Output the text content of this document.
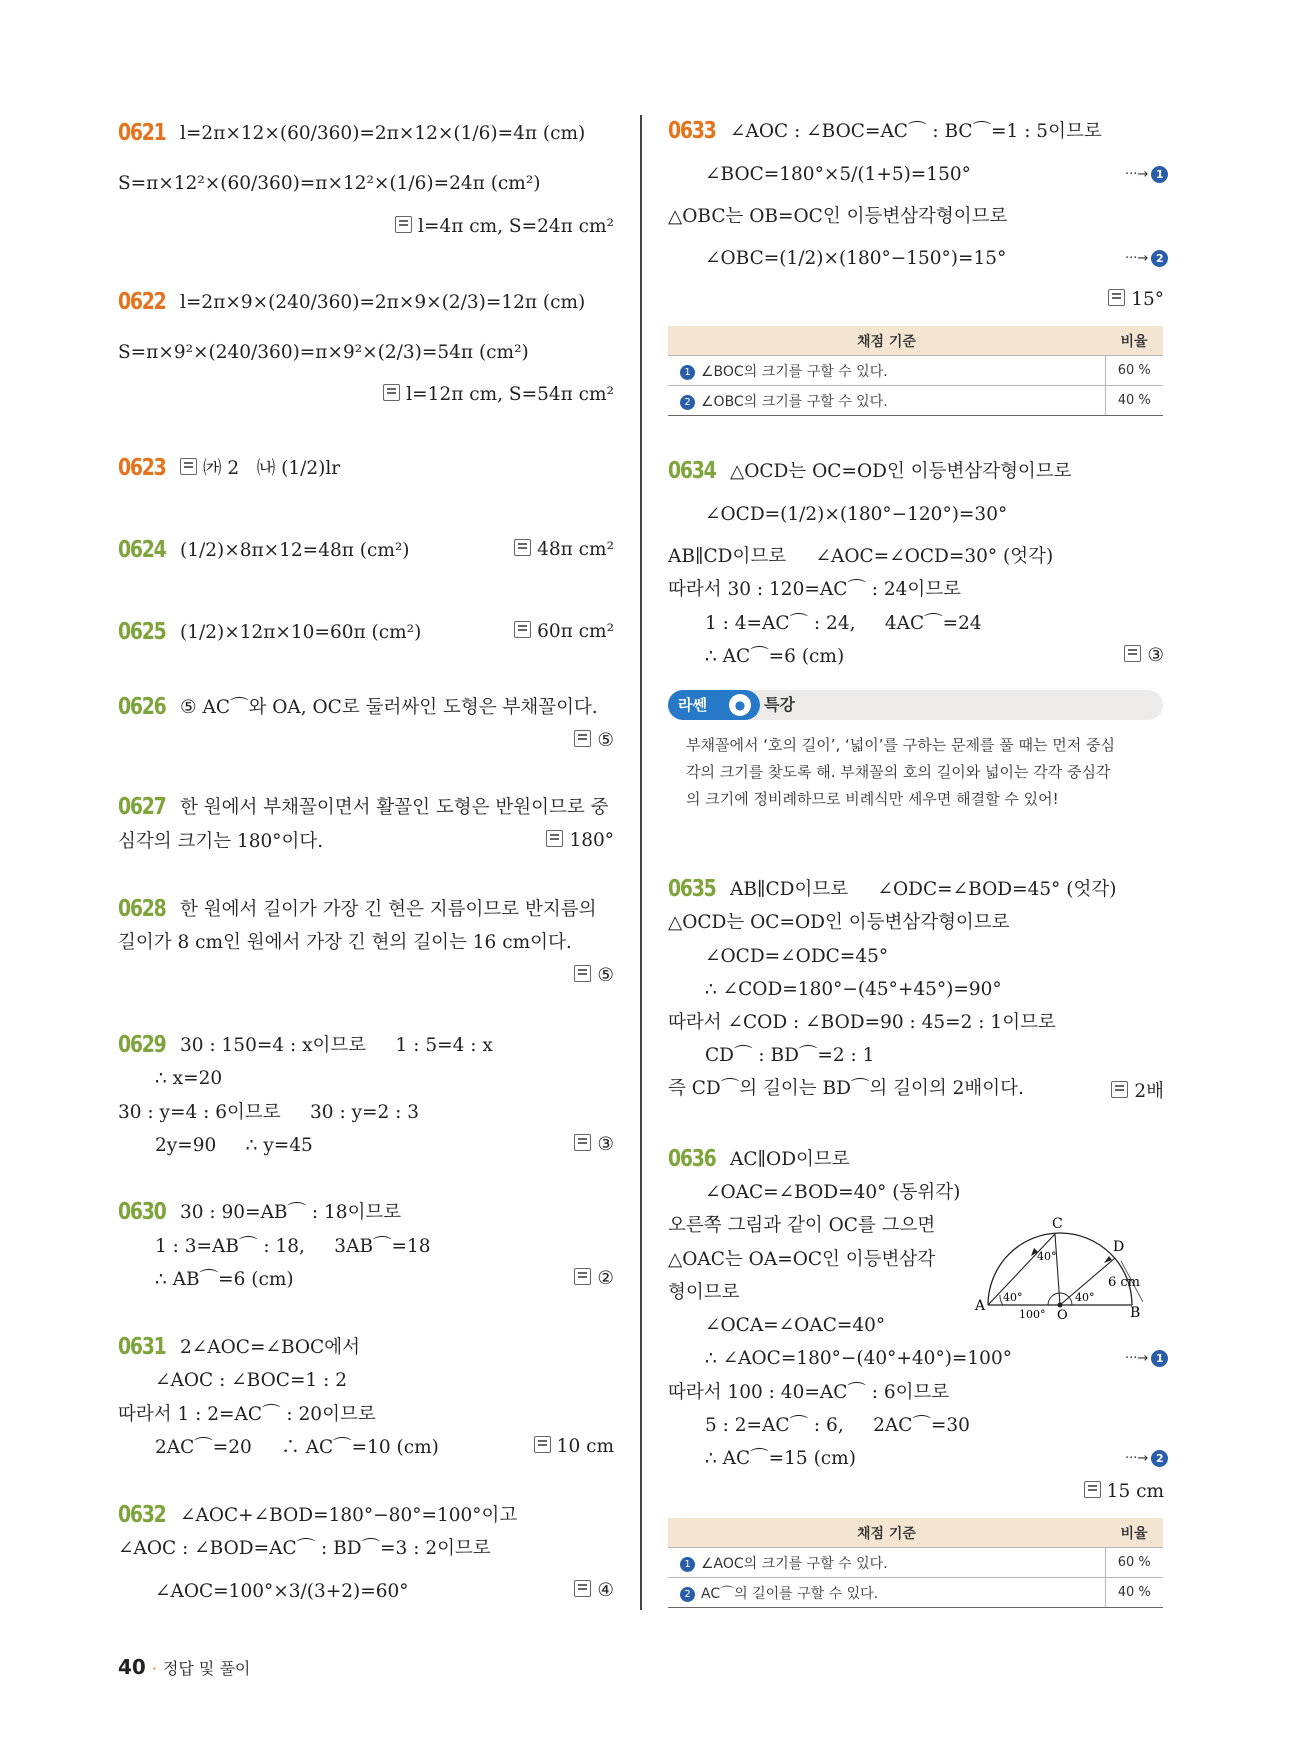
0621 l=2π×12×(60/360)=2π×12×(1/6)=4π (cm)
S=π×12²×(60/360)=π×12²×(1/6)=24π (cm²)
l=4π cm, S=24π cm²
0622 l=2π×9×(240/360)=2π×9×(2/3)=12π (cm)
S=π×9²×(240/360)=π×9²×(2/3)=54π (cm²)
l=12π cm, S=54π cm²
0623	㈎ 2   ㈏ (1/2)lr
0624 (1/2)×8π×12=48π (cm²)	48π cm²
0625 (1/2)×12π×10=60π (cm²)	60π cm²
0626 ⑤ AC⌒와 OA, OC로 둘러싸인 도형은 부채꼴이다.
⑤
0627 한 원에서 부채꼴이면서 활꼴인 도형은 반원이므로 중
심각의 크기는 180°이다.	180°
0628 한 원에서 길이가 가장 긴 현은 지름이므로 반지름의
길이가 8 cm인 원에서 가장 긴 현의 길이는 16 cm이다.
⑤
0629 30 : 150=4 : x이므로     1 : 5=4 : x
∴ x=20
30 : y=4 : 6이므로     30 : y=2 : 3
2y=90     ∴ y=45	③
0630 30 : 90=AB⌒ : 18이므로
1 : 3=AB⌒ : 18,     3AB⌒=18
∴ AB⌒=6 (cm)	②
0631 2∠AOC=∠BOC에서
∠AOC : ∠BOC=1 : 2
따라서 1 : 2=AC⌒ : 20이므로
2AC⌒=20     ∴ AC⌒=10 (cm)	10 cm
0632 ∠AOC+∠BOD=180°−80°=100°이고
∠AOC : ∠BOD=AC⌒ : BD⌒=3 : 2이므로
∠AOC=100°×3/(3+2)=60°	④
0633 ∠AOC : ∠BOC=AC⌒ : BC⌒=1 : 5이므로
∠BOC=180°×5/(1+5)=150°	···→ 1
△OBC는 OB=OC인 이등변삼각형이므로
∠OBC=(1/2)×(180°−150°)=15°	···→ 2
15°
채점 기준	비율
1 ∠BOC의 크기를 구할 수 있다.	60 %
2 ∠OBC의 크기를 구할 수 있다.	40 %
0634 △OCD는 OC=OD인 이등변삼각형이므로
∠OCD=(1/2)×(180°−120°)=30°
AB∥CD이므로     ∠AOC=∠OCD=30° (엇각)
따라서 30 : 120=AC⌒ : 24이므로
1 : 4=AC⌒ : 24,     4AC⌒=24
∴ AC⌒=6 (cm)	③
라쎈	●	특강
부채꼴에서 ‘호의 길이’, ‘넓이’를 구하는 문제를 풀 때는 먼저 중심
각의 크기를 찾도록 해. 부채꼴의 호의 길이와 넓이는 각각 중심각
의 크기에 정비례하므로 비례식만 세우면 해결할 수 있어!
0635 AB∥CD이므로     ∠ODC=∠BOD=45° (엇각)
△OCD는 OC=OD인 이등변삼각형이므로
∠OCD=∠ODC=45°
∴ ∠COD=180°−(45°+45°)=90°
따라서 ∠COD : ∠BOD=90 : 45=2 : 1이므로
CD⌒ : BD⌒=2 : 1
즉 CD⌒의 길이는 BD⌒의 길이의 2배이다.	2배
0636 AC∥OD이므로
∠OAC=∠BOD=40° (동위각)
오른쪽 그림과 같이 OC를 그으면
△OAC는 OA=OC인 이등변삼각
형이므로
∠OCA=∠OAC=40°
∴ ∠AOC=180°−(40°+40°)=100°	···→ 1
따라서 100 : 40=AC⌒ : 6이므로
5 : 2=AC⌒ : 6,     2AC⌒=30
∴ AC⌒=15 (cm)	···→ 2
15 cm
A	B
C
D
O
40°
40°
40°
100°
6 cm
채점 기준	비율
1 ∠AOC의 크기를 구할 수 있다.	60 %
2 AC⌒의 길이를 구할 수 있다.	40 %
40 · 정답 및 풀이
